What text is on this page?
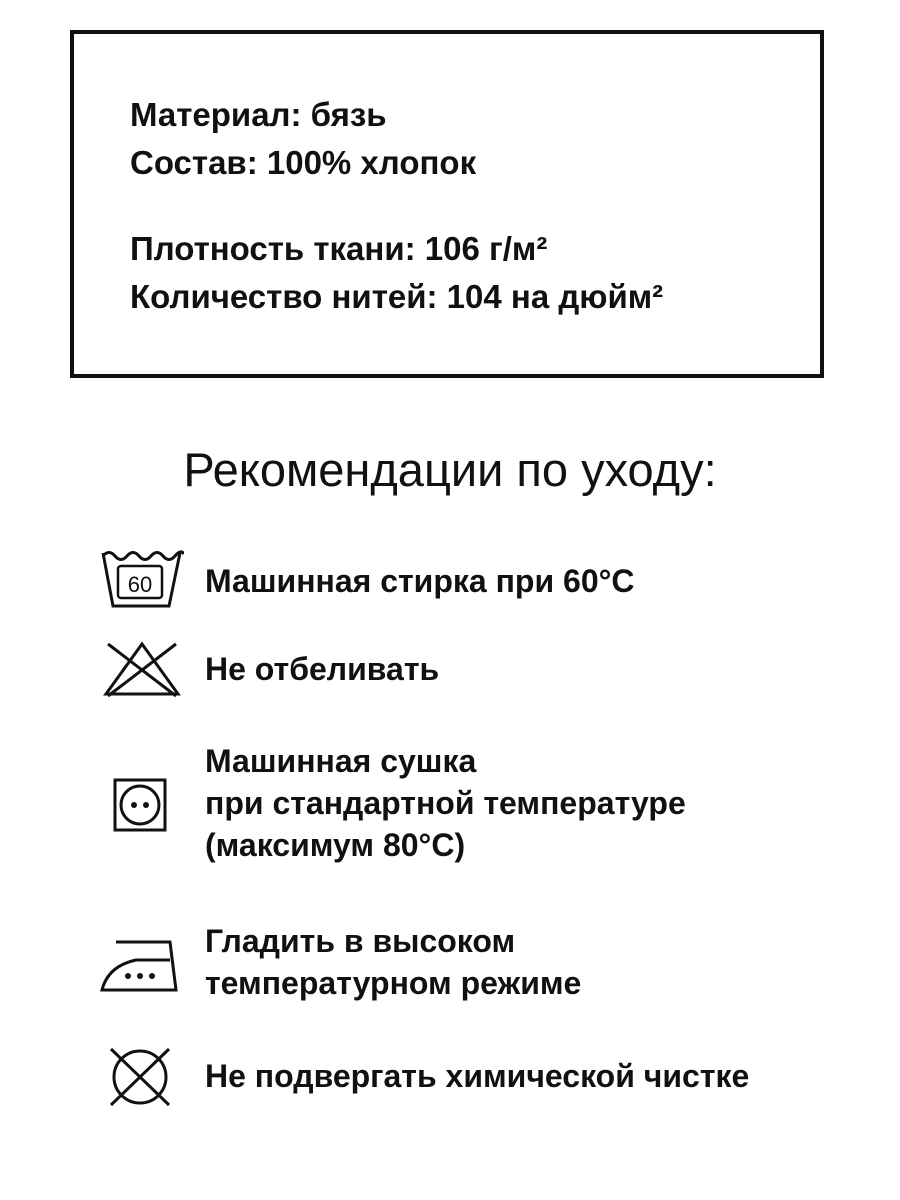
Материал: бязь
Состав: 100% хлопок
Плотность ткани: 106 г/м²
Количество нитей: 104 на дюйм²
Рекомендации по уходу:
60 Машинная стирка при 60°С
Не отбеливать
Машинная сушка
при стандартной температуре
(максимум 80°С)
Гладить в высоком
температурном режиме
Не подвергать химической чистке
